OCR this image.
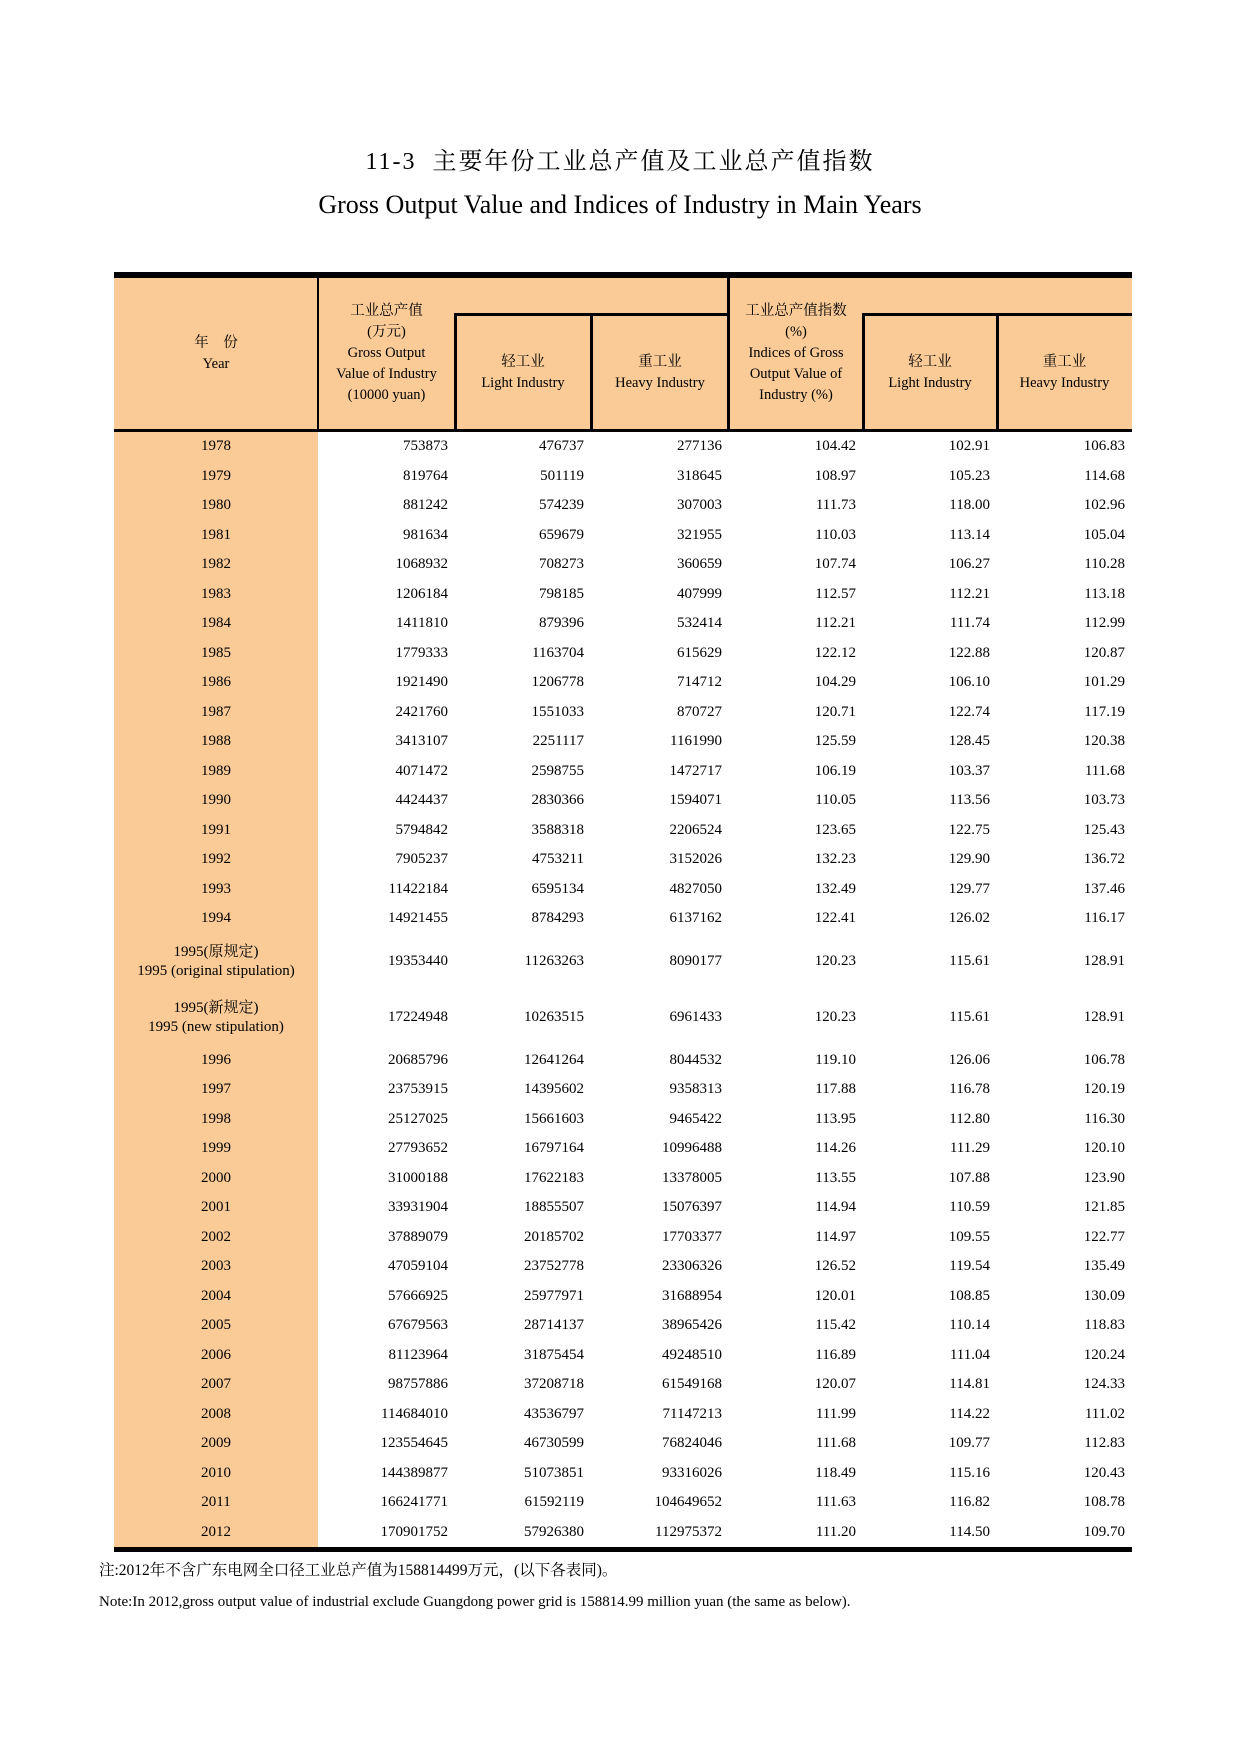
11-3  主要年份工业总产值及工业总产值指数
Gross Output Value and Indices of Industry in Main Years
年　份
Year
工业总产值
(万元)
Gross Output
Value of Industry
(10000 yuan)
轻工业
Light Industry
重工业
Heavy Industry
工业总产值指数
(%)
Indices of Gross
Output Value of
Industry (%)
轻工业
Light Industry
重工业
Heavy Industry
1978	753873	476737	277136	104.42	102.91	106.83
1979	819764	501119	318645	108.97	105.23	114.68
1980	881242	574239	307003	111.73	118.00	102.96
1981	981634	659679	321955	110.03	113.14	105.04
1982	1068932	708273	360659	107.74	106.27	110.28
1983	1206184	798185	407999	112.57	112.21	113.18
1984	1411810	879396	532414	112.21	111.74	112.99
1985	1779333	1163704	615629	122.12	122.88	120.87
1986	1921490	1206778	714712	104.29	106.10	101.29
1987	2421760	1551033	870727	120.71	122.74	117.19
1988	3413107	2251117	1161990	125.59	128.45	120.38
1989	4071472	2598755	1472717	106.19	103.37	111.68
1990	4424437	2830366	1594071	110.05	113.56	103.73
1991	5794842	3588318	2206524	123.65	122.75	125.43
1992	7905237	4753211	3152026	132.23	129.90	136.72
1993	11422184	6595134	4827050	132.49	129.77	137.46
1994	14921455	8784293	6137162	122.41	126.02	116.17
1995(原规定)
1995 (original stipulation)
19353440	11263263	8090177	120.23	115.61	128.91
1995(新规定)
1995 (new stipulation)
17224948	10263515	6961433	120.23	115.61	128.91
1996	20685796	12641264	8044532	119.10	126.06	106.78
1997	23753915	14395602	9358313	117.88	116.78	120.19
1998	25127025	15661603	9465422	113.95	112.80	116.30
1999	27793652	16797164	10996488	114.26	111.29	120.10
2000	31000188	17622183	13378005	113.55	107.88	123.90
2001	33931904	18855507	15076397	114.94	110.59	121.85
2002	37889079	20185702	17703377	114.97	109.55	122.77
2003	47059104	23752778	23306326	126.52	119.54	135.49
2004	57666925	25977971	31688954	120.01	108.85	130.09
2005	67679563	28714137	38965426	115.42	110.14	118.83
2006	81123964	31875454	49248510	116.89	111.04	120.24
2007	98757886	37208718	61549168	120.07	114.81	124.33
2008	114684010	43536797	71147213	111.99	114.22	111.02
2009	123554645	46730599	76824046	111.68	109.77	112.83
2010	144389877	51073851	93316026	118.49	115.16	120.43
2011	166241771	61592119	104649652	111.63	116.82	108.78
2012	170901752	57926380	112975372	111.20	114.50	109.70
注:2012年不含广东电网全口径工业总产值为158814499万元，(以下各表同)。
Note:In 2012,gross output value of industrial exclude Guangdong power grid is 158814.99 million yuan (the same as below).
